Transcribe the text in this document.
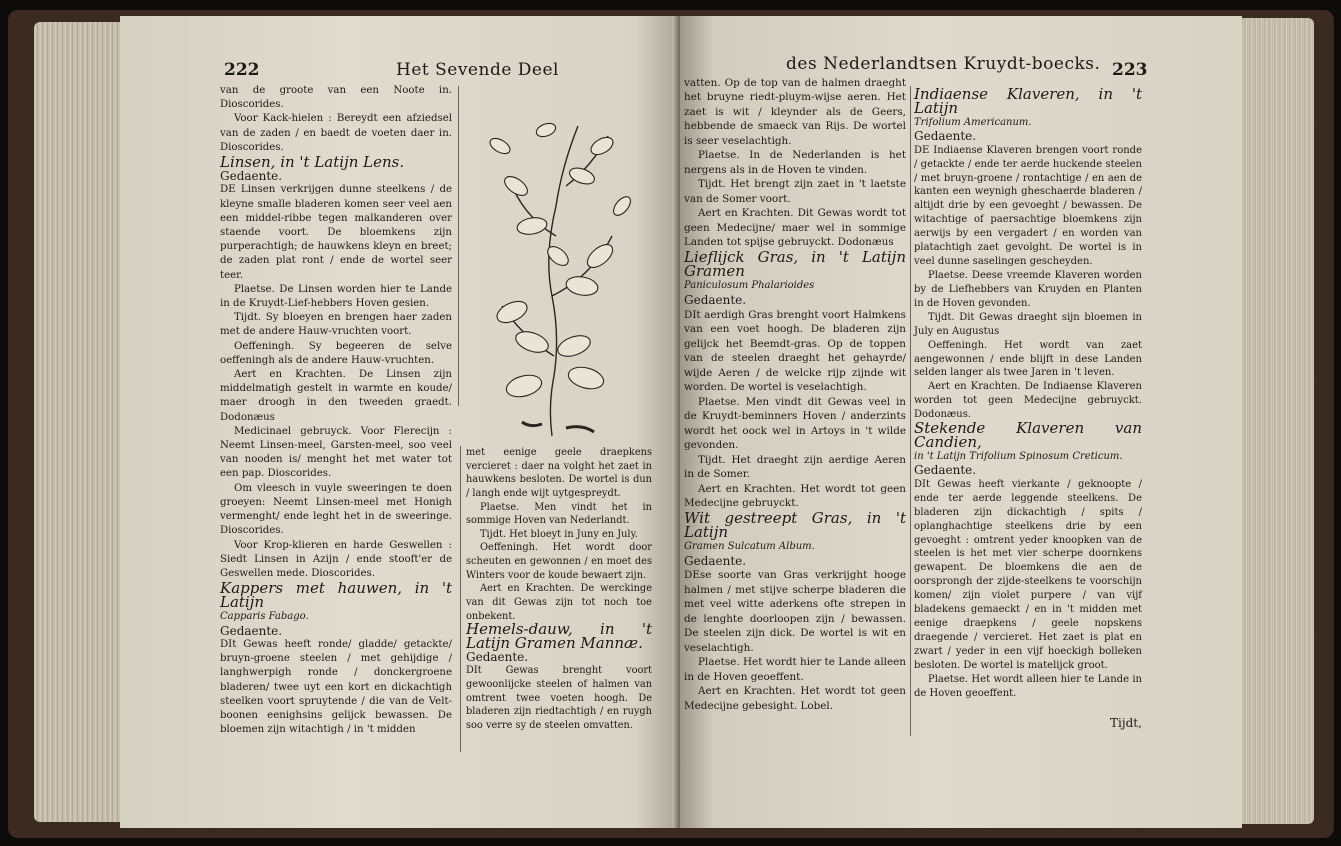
222	Het Sevende Deel

van de groote van een Noote in. Dioscorides.

Voor Kack-hielen : Bereydt een afziedsel van de zaden / en baedt de voeten daer in. Dioscorides.

Linsen, in 't Latijn Lens.

Gedaente.

DE Linsen verkrijgen dunne steelkens / de kleyne smalle bladeren komen seer veel aen een middel-ribbe tegen malkanderen over staende voort. De bloemkens zijn purperachtigh; de hauwkens kleyn en breet; de zaden plat ront / ende de wortel seer teer.

Plaetse. De Linsen worden hier te Lande in de Kruydt-Lief-hebbers Hoven gesien.

Tijdt. Sy bloeyen en brengen haer zaden met de andere Hauw-vruchten voort.

Oeffeningh. Sy begeeren de selve oeffeningh als de andere Hauw-vruchten.

Aert en Krachten. De Linsen zijn middelmatigh gestelt in warmte en koude/ maer droogh in den tweeden graedt. Dodonæus

Medicinael gebruyck. Voor Flerecijn : Neemt Linsen-meel, Garsten-meel, soo veel van nooden is/ menght het met water tot een pap. Dioscorides.

Om vleesch in vuyle sweeringen te doen groeyen: Neemt Linsen-meel met Honigh vermenght/ ende leght het in de sweeringe. Dioscorides.

Voor Krop-klieren en harde Geswellen : Siedt Linsen in Azijn / ende stooft'er de Geswellen mede. Dioscorides.

Kappers met hauwen, in 't Latijn

Capparis Fabago.

Gedaente.

DIt Gewas heeft ronde/ gladde/ getackte/ bruyn-groene steelen / met gehijdige / langhwerpigh ronde / donckergroene bladeren/ twee uyt een kort en dickachtigh steelken voort spruytende / die van de Velt-boonen eenighsins gelijck bewassen. De bloemen zijn witachtigh / in 't midden

met eenige geele draepkens vercieret : daer na volght het zaet in hauwkens besloten. De wortel is dun / langh ende wijt uytgespreydt.

Plaetse. Men vindt het in sommige Hoven van Nederlandt.

Tijdt. Het bloeyt in Juny en July.

Oeffeningh. Het wordt door scheuten en gewonnen / en moet des Winters voor de koude bewaert zijn.

Aert en Krachten. De werckinge van dit Gewas zijn tot noch toe onbekent.

Hemels-dauw, in 't Latijn Gramen Mannæ.

Gedaente.

DIt Gewas brenght voort gewoonlijcke steelen of halmen van omtrent twee voeten hoogh. De bladeren zijn riedtachtigh / en ruygh soo verre sy de steelen omvatten.

des Nederlandtsen Kruydt-boecks. 223

vatten. Op de top van de halmen draeght het bruyne riedt-pluym-wijse aeren. Het zaet is wit / kleynder als de Geers, hebbende de smaeck van Rijs. De wortel is seer veselachtigh.

Plaetse. In de Nederlanden is het nergens als in de Hoven te vinden.

Tijdt. Het brengt zijn zaet in 't laetste van de Somer voort.

Aert en Krachten. Dit Gewas wordt tot geen Medecijne/ maer wel in sommige Landen tot spijse gebruyckt. Dodonæus

Lieflijck Gras, in 't Latijn Gramen

Paniculosum Phalarioides

Gedaente.

DIt aerdigh Gras brenght voort Halmkens van een voet hoogh. De bladeren zijn gelijck het Beemdt-gras. Op de toppen van de steelen draeght het gehayrde/ wijde Aeren / de welcke rijp zijnde wit worden. De wortel is veselachtigh.

Plaetse. Men vindt dit Gewas veel in de Kruydt-beminners Hoven / anderzints wordt het oock wel in Artoys in 't wilde gevonden.

Tijdt. Het draeght zijn aerdige Aeren in de Somer.

Aert en Krachten. Het wordt tot geen Medecijne gebruyckt.

Wit gestreept Gras, in 't Latijn

Gramen Sulcatum Album.

Gedaente.

DEse soorte van Gras verkrijght hooge halmen / met stijve scherpe bladeren die met veel witte aderkens ofte strepen in de lenghte doorloopen zijn / bewassen. De steelen zijn dick. De wortel is wit en veselachtigh.

Plaetse. Het wordt hier te Lande alleen in de Hoven geoeffent.

Aert en Krachten. Het wordt tot geen Medecijne gebesight. Lobel.

Indiaense Klaveren, in 't Latijn

Trifolium Americanum.

Gedaente.

DE Indiaense Klaveren brengen voort ronde / getackte / ende ter aerde huckende steelen / met bruyn-groene / rontachtige / en aen de kanten een weynigh gheschaerde bladeren / altijdt drie by een gevoeght / bewassen. De witachtige of paersachtige bloemkens zijn aerwijs by een vergadert / en worden van platachtigh zaet gevolght. De wortel is in veel dunne saselingen gescheyden.

Plaetse. Deese vreemde Klaveren worden by de Liefhebbers van Kruyden en Planten in de Hoven gevonden.

Tijdt. Dit Gewas draeght sijn bloemen in July en Augustus

Oeffeningh. Het wordt van zaet aengewonnen / ende blijft in dese Landen selden langer als twee Jaren in 't leven.

Aert en Krachten. De Indiaense Klaveren worden tot geen Medecijne gebruyckt. Dodonæus.

Stekende Klaveren van Candien,

in 't Latijn Trifolium Spinosum Creticum.

Gedaente.

DIt Gewas heeft vierkante / geknoopte / ende ter aerde leggende steelkens. De bladeren zijn dickachtigh / spits / oplanghachtige steelkens drie by een gevoeght : omtrent yeder knoopken van de steelen is het met vier scherpe doornkens gewapent. De bloemkens die aen de oorsprongh der zijde-steelkens te voorschijn komen/ zijn violet purpere / van vijf bladekens gemaeckt / en in 't midden met eenige draepkens / geele nopskens draegende / vercieret. Het zaet is plat en zwart / yeder in een vijf hoeckigh bolleken besloten. De wortel is matelijck groot.

Plaetse. Het wordt alleen hier te Lande in de Hoven geoeffent.

Tijdt,
